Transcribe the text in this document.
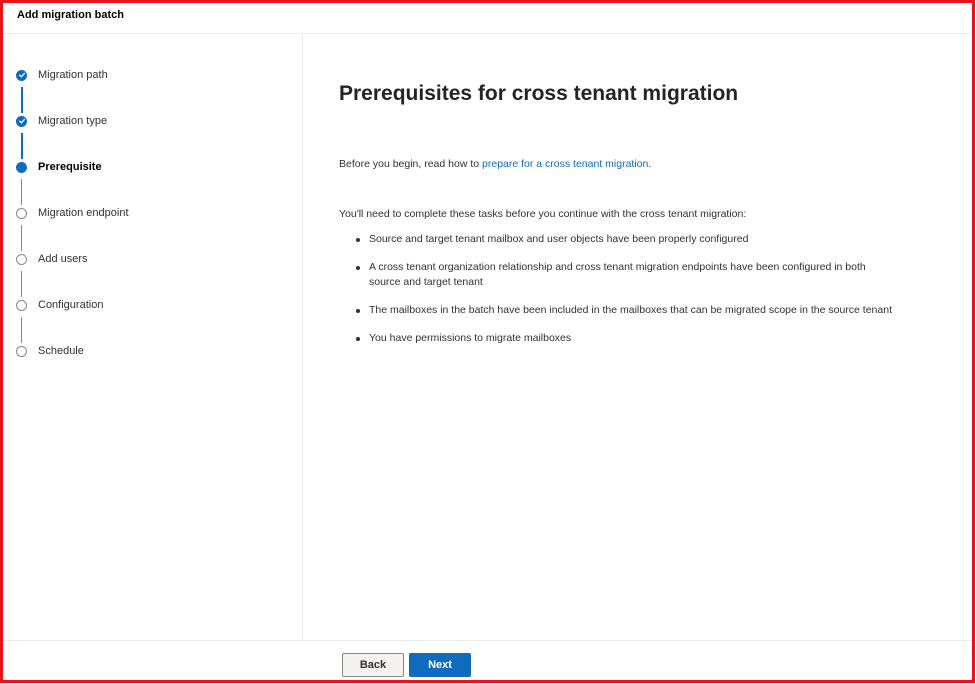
Add migration batch
Migration path
Migration type
Prerequisite
Migration endpoint
Add users
Configuration
Schedule
Prerequisites for cross tenant migration
Before you begin, read how to prepare for a cross tenant migration.
You'll need to complete these tasks before you continue with the cross tenant migration:
Source and target tenant mailbox and user objects have been properly configured
A cross tenant organization relationship and cross tenant migration endpoints have been configured in both source and target tenant
The mailboxes in the batch have been included in the mailboxes that can be migrated scope in the source tenant
You have permissions to migrate mailboxes
Back	Next
